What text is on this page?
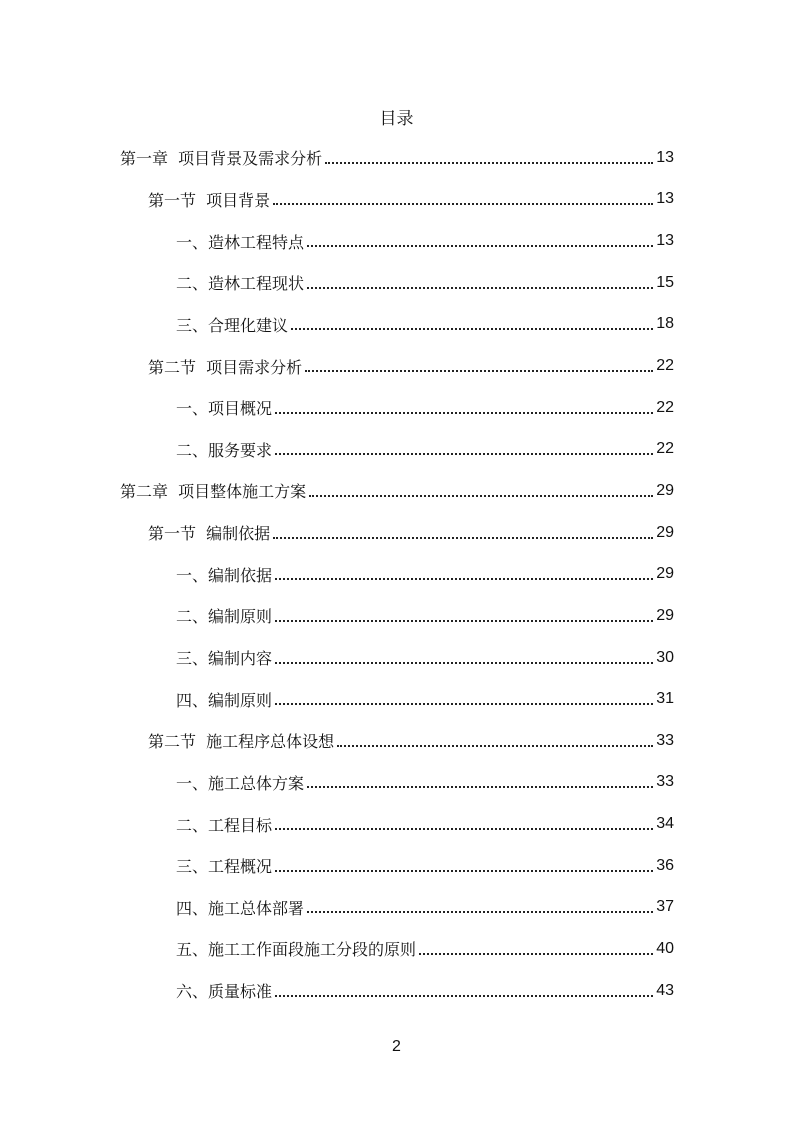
目录
第一章  项目背景及需求分析	13
第一节  项目背景	13
一、造林工程特点	13
二、造林工程现状	15
三、合理化建议	18
第二节  项目需求分析	22
一、项目概况	22
二、服务要求	22
第二章  项目整体施工方案	29
第一节  编制依据	29
一、编制依据	29
二、编制原则	29
三、编制内容	30
四、编制原则	31
第二节  施工程序总体设想	33
一、施工总体方案	33
二、工程目标	34
三、工程概况	36
四、施工总体部署	37
五、施工工作面段施工分段的原则	40
六、质量标准	43
2
